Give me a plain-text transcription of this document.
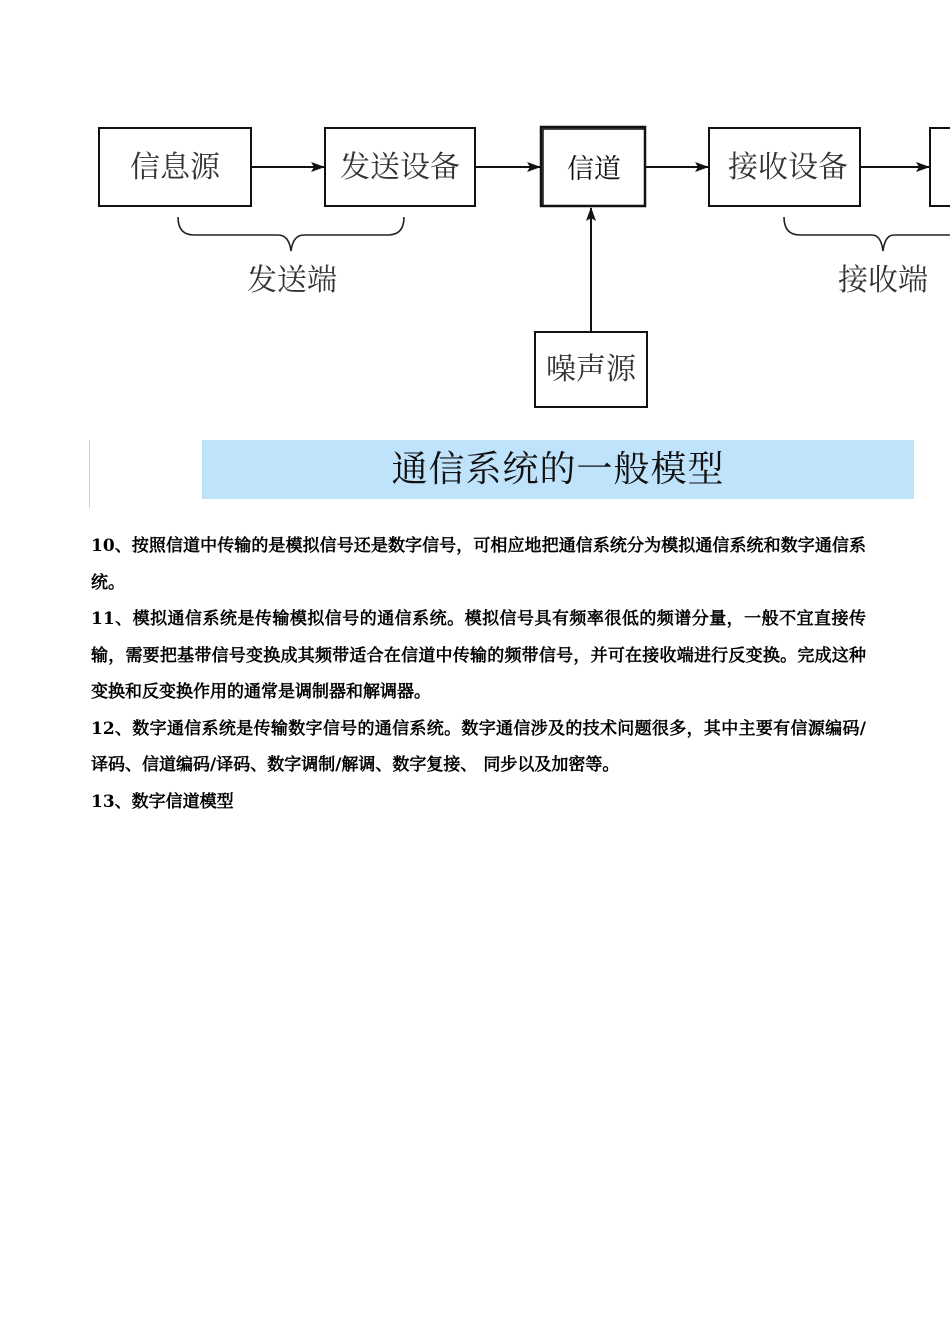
信息源	发送设备	信道	接收设备
噪声源
发送端	接收端
通信系统的一般模型

10、按照信道中传输的是模拟信号还是数字信号，可相应地把通信系统分为模拟通信系统和数字通信系统。

11、模拟通信系统是传输模拟信号的通信系统。模拟信号具有频率很低的频谱分量，一般不宜直接传输，需要把基带信号变换成其频带适合在信道中传输的频带信号，并可在接收端进行反变换。完成这种变换和反变换作用的通常是调制器和解调器。

12、数字通信系统是传输数字信号的通信系统。数字通信涉及的技术问题很多，其中主要有信源编码/译码、信道编码/译码、数字调制/解调、数字复接、 同步以及加密等。

13、数字信道模型
